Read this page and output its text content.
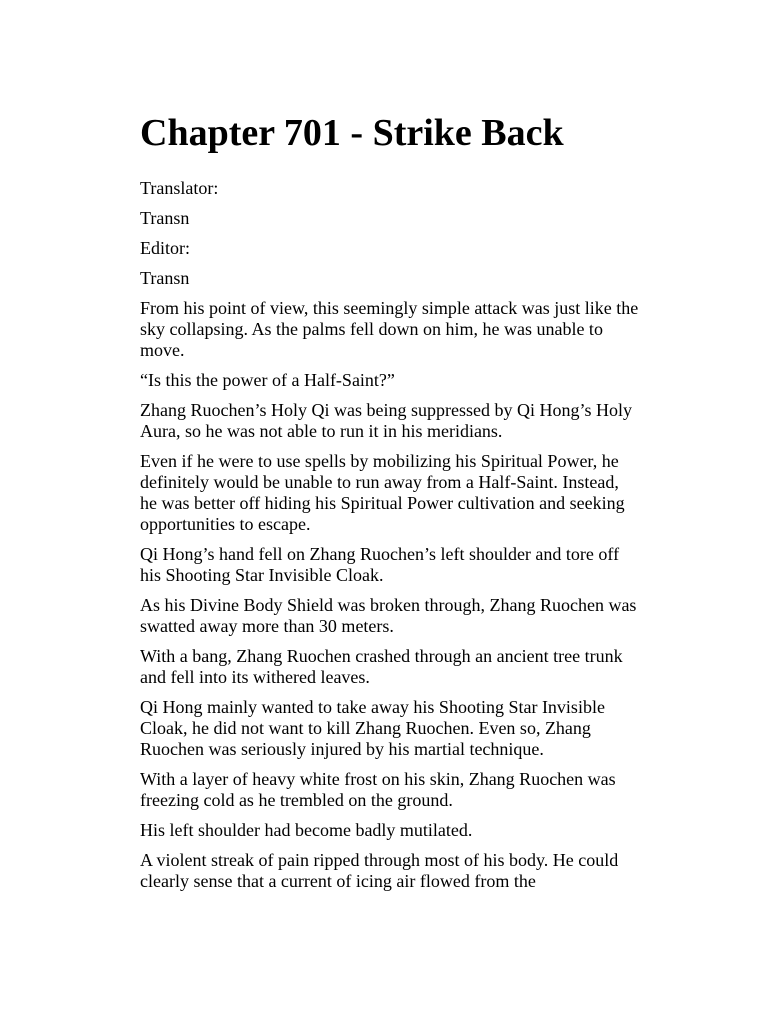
Chapter 701 - Strike Back

Translator:

Transn

Editor:

Transn

From his point of view, this seemingly simple attack was just like the sky collapsing. As the palms fell down on him, he was unable to move.

“Is this the power of a Half-Saint?”

Zhang Ruochen’s Holy Qi was being suppressed by Qi Hong’s Holy Aura, so he was not able to run it in his meridians.

Even if he were to use spells by mobilizing his Spiritual Power, he definitely would be unable to run away from a Half-Saint. Instead, he was better off hiding his Spiritual Power cultivation and seeking opportunities to escape.

Qi Hong’s hand fell on Zhang Ruochen’s left shoulder and tore off his Shooting Star Invisible Cloak.

As his Divine Body Shield was broken through, Zhang Ruochen was swatted away more than 30 meters.

With a bang, Zhang Ruochen crashed through an ancient tree trunk and fell into its withered leaves.

Qi Hong mainly wanted to take away his Shooting Star Invisible Cloak, he did not want to kill Zhang Ruochen. Even so, Zhang Ruochen was seriously injured by his martial technique.

With a layer of heavy white frost on his skin, Zhang Ruochen was freezing cold as he trembled on the ground.

His left shoulder had become badly mutilated.

A violent streak of pain ripped through most of his body. He could clearly sense that a current of icing air flowed from the
